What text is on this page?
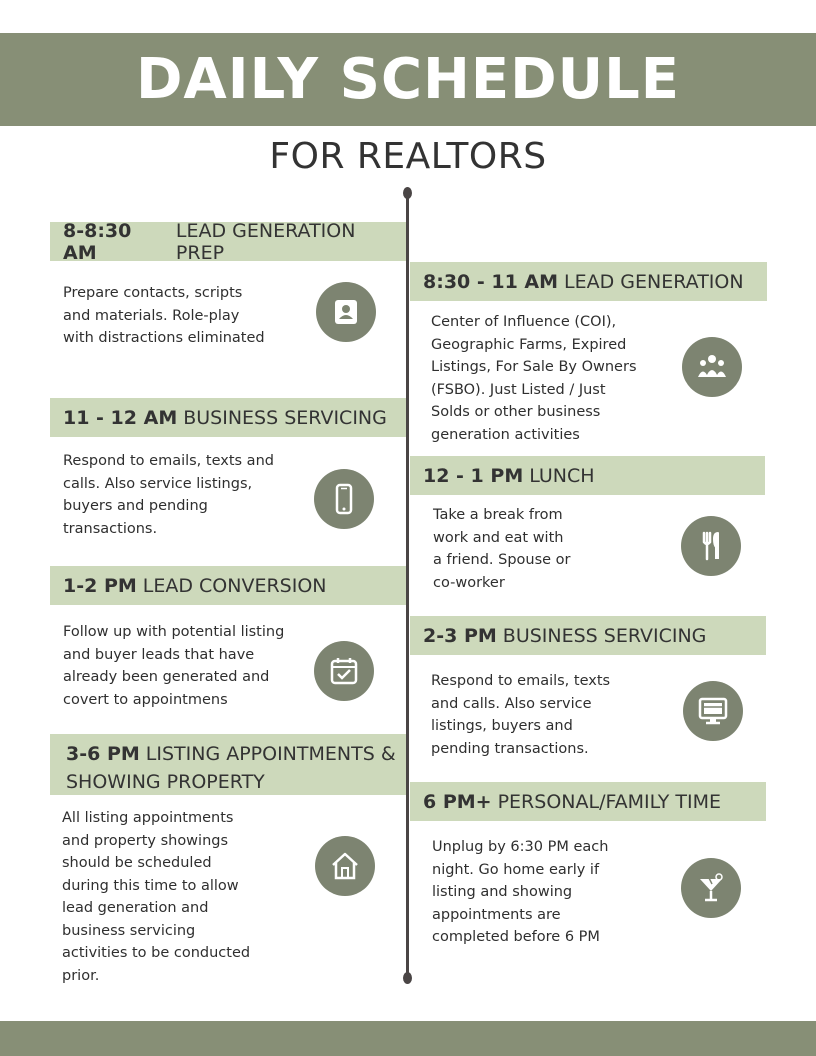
DAILY SCHEDULE
FOR REALTORS
8-8:30 AM
LEAD GENERATION PREP
Prepare contacts, scripts
and materials. Role-play
with distractions eliminated
11 - 12 AM BUSINESS SERVICING
Respond to emails, texts and
calls. Also service listings,
buyers and pending
transactions.
1-2 PM LEAD CONVERSION
Follow up with potential listing
and buyer leads that have
already been generated and
covert to appointmens
3-6 PM LISTING APPOINTMENTS &
SHOWING PROPERTY
All listing appointments
and property showings
should be scheduled
during this time to allow
lead generation and
business servicing
activities to be conducted
prior.
8:30 - 11 AM LEAD GENERATION
Center of Influence (COI),
Geographic Farms, Expired
Listings, For Sale By Owners
(FSBO). Just Listed / Just
Solds or other business
generation activities
12 - 1 PM LUNCH
Take a break from
work and eat with
a friend. Spouse or
co-worker
2-3 PM BUSINESS SERVICING
Respond to emails, texts
and calls. Also service
listings, buyers and
pending transactions.
6 PM+ PERSONAL/FAMILY TIME
Unplug by 6:30 PM each
night. Go home early if
listing and showing
appointments are
completed before 6 PM
